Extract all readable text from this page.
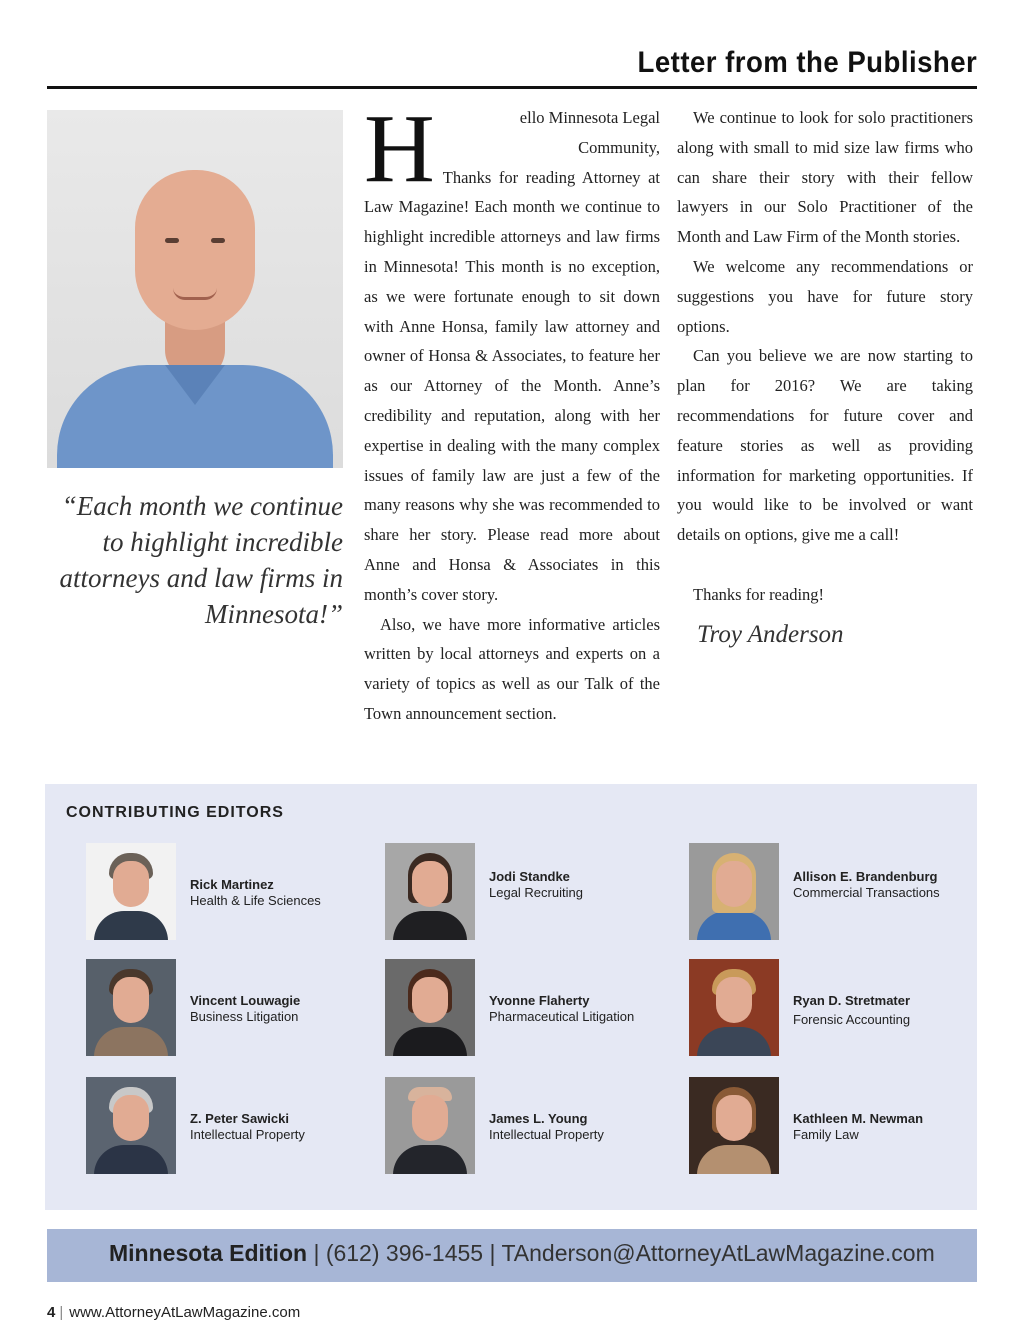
Letter from the Publisher
“Each month we continue to highlight incredible attorneys and law firms in Minnesota!”
H	ello Minnesota Legal Community,

Thanks for reading Attorney at Law Magazine! Each month we continue to highlight incredible attorneys and law firms in Minnesota! This month is no exception, as we were fortunate enough to sit down with Anne Honsa, family law attorney and owner of Honsa & Associates, to feature her as our Attorney of the Month. Anne’s credibility and reputation, along with her expertise in dealing with the many complex issues of family law are just a few of the many reasons why she was recommended to share her story. Please read more about Anne and Honsa & Associates in this month’s cover story.

Also, we have more informative articles written by local attorneys and experts on a variety of topics as well as our Talk of the Town announcement section.

We continue to look for solo practitioners along with small to mid size law firms who can share their story with their fellow lawyers in our Solo Practitioner of the Month and Law Firm of the Month stories.

We welcome any recommendations or suggestions you have for future story options.

Can you believe we are now starting to plan for 2016? We are taking recommendations for future cover and feature stories as well as providing information for marketing opportunities. If you would like to be involved or want details on options, give me a call!

Thanks for reading!

Troy Anderson
CONTRIBUTING EDITORS
Rick Martinez
Health & Life Sciences
Jodi Standke
Legal Recruiting
Allison E. Brandenburg
Commercial Transactions
Vincent Louwagie
Business Litigation
Yvonne Flaherty
Pharmaceutical Litigation
Ryan D. Stretmater
Forensic Accounting
Z. Peter Sawicki
Intellectual Property
James L. Young
Intellectual Property
Kathleen M. Newman
Family Law
Minnesota Edition | (612) 396-1455 | TAnderson@AttorneyAtLawMagazine.com
4 | www.AttorneyAtLawMagazine.com
